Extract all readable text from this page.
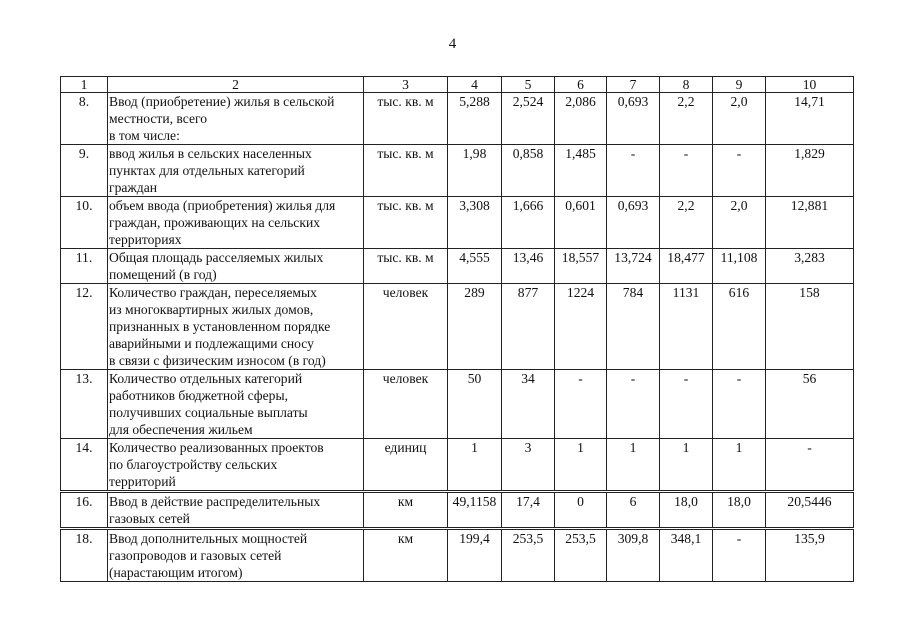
4
1	2	3	4	5	6	7	8	9	10
8.	Ввод (приобретение) жилья в сельской
местности, всего
в том числе:	тыс. кв. м	5,288	2,524	2,086	0,693	2,2	2,0	14,71
9.	ввод жилья в сельских населенных
пунктах для отдельных категорий
граждан	тыс. кв. м	1,98	0,858	1,485	-	-	-	1,829
10.	объем ввода (приобретения) жилья для
граждан, проживающих на сельских
территориях	тыс. кв. м	3,308	1,666	0,601	0,693	2,2	2,0	12,881
11.	Общая площадь расселяемых жилых
помещений (в год)	тыс. кв. м	4,555	13,46	18,557	13,724	18,477	11,108	3,283
12.	Количество граждан, переселяемых
из многоквартирных жилых домов,
признанных в установленном порядке
аварийными и подлежащими сносу
в связи с физическим износом (в год)	человек	289	877	1224	784	1131	616	158
13.	Количество отдельных категорий
работников бюджетной сферы,
получивших социальные выплаты
для обеспечения жильем	человек	50	34	-	-	-	-	56
14.	Количество реализованных проектов
по благоустройству сельских
территорий	единиц	1	3	1	1	1	1	-
16.	Ввод в действие распределительных
газовых сетей	км	49,1158	17,4	0	6	18,0	18,0	20,5446
18.	Ввод дополнительных мощностей
газопроводов и газовых сетей
(нарастающим итогом)	км	199,4	253,5	253,5	309,8	348,1	-	135,9
